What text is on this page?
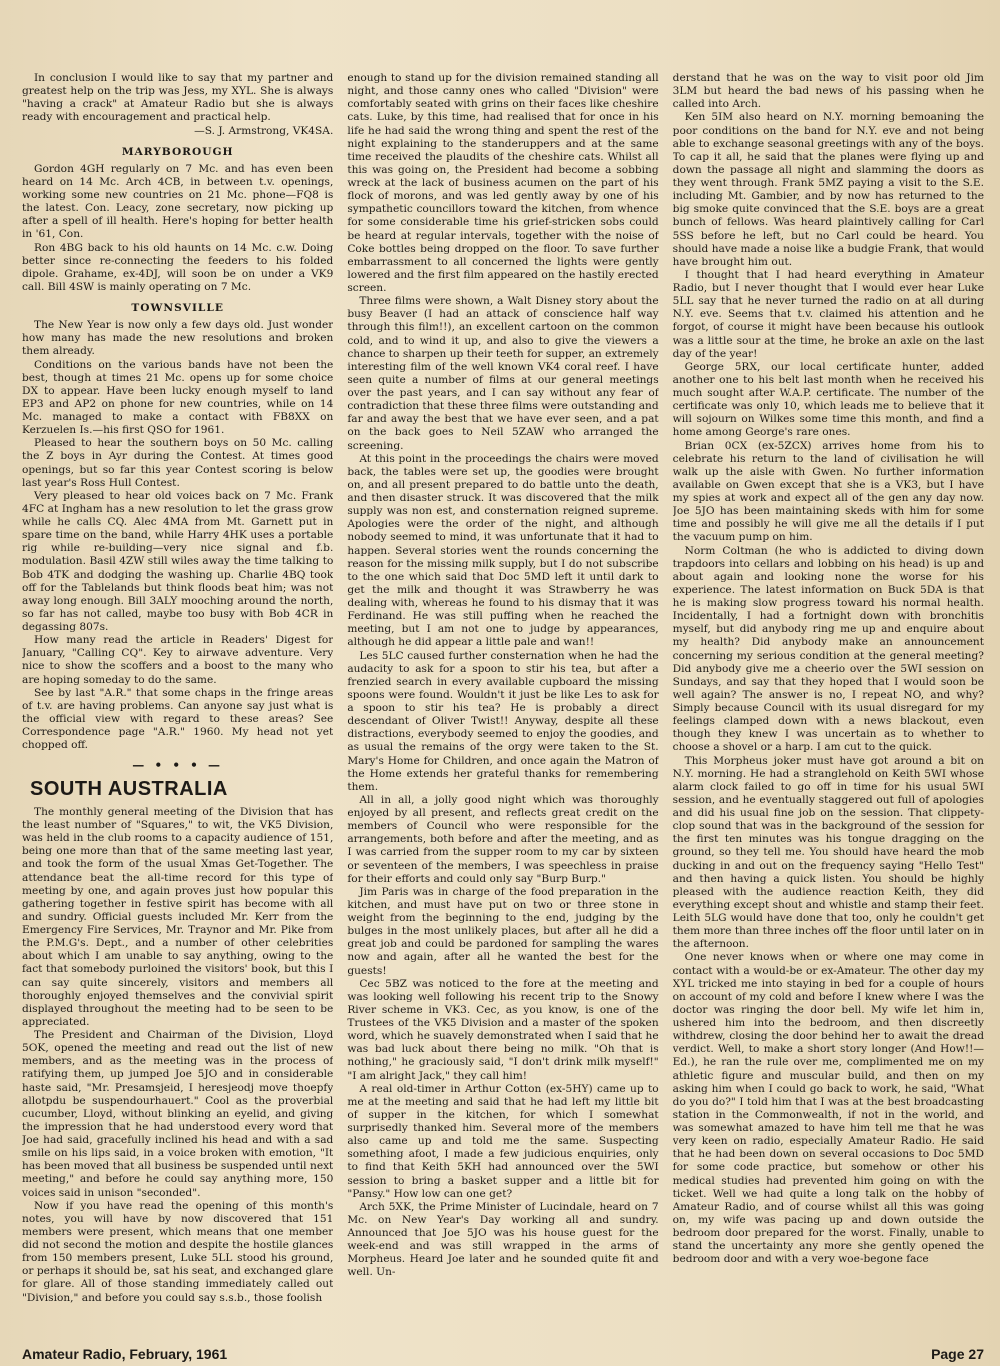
In conclusion I would like to say that my partner and greatest help on the trip was Jess, my XYL. She is always "having a crack" at Amateur Radio but she is always ready with encouragement and practical help.

—S. J. Armstrong, VK4SA.
MARYBOROUGH

Gordon 4GH regularly on 7 Mc. and has even been heard on 14 Mc. Arch 4CB, in between t.v. openings, working some new countries on 21 Mc. phone—FQ8 is the latest. Con. Leacy, zone secretary, now picking up after a spell of ill health. Here's hoping for better health in '61, Con.

Ron 4BG back to his old haunts on 14 Mc. c.w. Doing better since re-connecting the feeders to his folded dipole. Grahame, ex-4DJ, will soon be on under a VK9 call. Bill 4SW is mainly operating on 7 Mc.

TOWNSVILLE

The New Year is now only a few days old. Just wonder how many has made the new resolutions and broken them already.

Conditions on the various bands have not been the best, though at times 21 Mc. opens up for some choice DX to appear. Have been lucky enough myself to land EP3 and AP2 on phone for new countries, while on 14 Mc. managed to make a contact with FB8XX on Kerzuelen Is.—his first QSO for 1961.

Pleased to hear the southern boys on 50 Mc. calling the Z boys in Ayr during the Contest. At times good openings, but so far this year Contest scoring is below last year's Ross Hull Contest.

Very pleased to hear old voices back on 7 Mc. Frank 4FC at Ingham has a new resolution to let the grass grow while he calls CQ. Alec 4MA from Mt. Garnett put in spare time on the band, while Harry 4HK uses a portable rig while re-building—very nice signal and f.b. modulation. Basil 4ZW still wiles away the time talking to Bob 4TK and dodging the washing up. Charlie 4BQ took off for the Tablelands but think floods beat him; was not away long enough. Bill 3ALY mooching around the north, so far has not called, maybe too busy with Bob 4CR in degassing 807s.

How many read the article in Readers' Digest for January, "Calling CQ". Key to airwave adventure. Very nice to show the scoffers and a boost to the many who are hoping someday to do the same.

See by last "A.R." that some chaps in the fringe areas of t.v. are having problems. Can anyone say just what is the official view with regard to these areas? See Correspondence page "A.R." 1960. My head not yet chopped off.

— • • • —
SOUTH AUSTRALIA

The monthly general meeting of the Division that has the least number of "Squares," to wit, the VK5 Division, was held in the club rooms to a capacity audience of 151, being one more than that of the same meeting last year, and took the form of the usual Xmas Get-Together. The attendance beat the all-time record for this type of meeting by one, and again proves just how popular this gathering together in festive spirit has become with all and sundry. Official guests included Mr. Kerr from the Emergency Fire Services, Mr. Traynor and Mr. Pike from the P.M.G's. Dept., and a number of other celebrities about which I am unable to say anything, owing to the fact that somebody purloined the visitors' book, but this I can say quite sincerely, visitors and members all thoroughly enjoyed themselves and the convivial spirit displayed throughout the meeting had to be seen to be appreciated.

The President and Chairman of the Division, Lloyd 5OK, opened the meeting and read out the list of new members, and as the meeting was in the process of ratifying them, up jumped Joe 5JO and in considerable haste said, "Mr. Presamsjeid, I heresjeodj move thoepfy allotpdu be suspendourhauert." Cool as the proverbial cucumber, Lloyd, without blinking an eyelid, and giving the impression that he had understood every word that Joe had said, gracefully inclined his head and with a sad smile on his lips said, in a voice broken with emotion, "It has been moved that all business be suspended until next meeting," and before he could say anything more, 150 voices said in unison "seconded".

Now if you have read the opening of this month's notes, you will have by now discovered that 151 members were present, which means that one member did not second the motion and despite the hostile glances from 150 members present, Luke 5LL stood his ground, or perhaps it should be, sat his seat, and exchanged glare for glare. All of those standing immediately called out "Division," and before you could say s.s.b., those foolish

enough to stand up for the division remained standing all night, and those canny ones who called "Division" were comfortably seated with grins on their faces like cheshire cats. Luke, by this time, had realised that for once in his life he had said the wrong thing and spent the rest of the night explaining to the standeruppers and at the same time received the plaudits of the cheshire cats. Whilst all this was going on, the President had become a sobbing wreck at the lack of business acumen on the part of his flock of morons, and was led gently away by one of his sympathetic councillors toward the kitchen, from whence for some considerable time his grief-stricken sobs could be heard at regular intervals, together with the noise of Coke bottles being dropped on the floor. To save further embarrassment to all concerned the lights were gently lowered and the first film appeared on the hastily erected screen.

Three films were shown, a Walt Disney story about the busy Beaver (I had an attack of conscience half way through this film!!), an excellent cartoon on the common cold, and to wind it up, and also to give the viewers a chance to sharpen up their teeth for supper, an extremely interesting film of the well known VK4 coral reef. I have seen quite a number of films at our general meetings over the past years, and I can say without any fear of contradiction that these three films were outstanding and far and away the best that we have ever seen, and a pat on the back goes to Neil 5ZAW who arranged the screening.

At this point in the proceedings the chairs were moved back, the tables were set up, the goodies were brought on, and all present prepared to do battle unto the death, and then disaster struck. It was discovered that the milk supply was non est, and consternation reigned supreme. Apologies were the order of the night, and although nobody seemed to mind, it was unfortunate that it had to happen. Several stories went the rounds concerning the reason for the missing milk supply, but I do not subscribe to the one which said that Doc 5MD left it until dark to get the milk and thought it was Strawberry he was dealing with, whereas he found to his dismay that it was Ferdinand. He was still puffing when he reached the meeting, but I am not one to judge by appearances, although he did appear a little pale and wan!!

Les 5LC caused further consternation when he had the audacity to ask for a spoon to stir his tea, but after a frenzied search in every available cupboard the missing spoons were found. Wouldn't it just be like Les to ask for a spoon to stir his tea? He is probably a direct descendant of Oliver Twist!! Anyway, despite all these distractions, everybody seemed to enjoy the goodies, and as usual the remains of the orgy were taken to the St. Mary's Home for Children, and once again the Matron of the Home extends her grateful thanks for remembering them.

All in all, a jolly good night which was thoroughly enjoyed by all present, and reflects great credit on the members of Council who were responsible for the arrangements, both before and after the meeting, and as I was carried from the supper room to my car by sixteen or seventeen of the members, I was speechless in praise for their efforts and could only say "Burp Burp."

Jim Paris was in charge of the food preparation in the kitchen, and must have put on two or three stone in weight from the beginning to the end, judging by the bulges in the most unlikely places, but after all he did a great job and could be pardoned for sampling the wares now and again, after all he wanted the best for the guests!

Cec 5BZ was noticed to the fore at the meeting and was looking well following his recent trip to the Snowy River scheme in VK3. Cec, as you know, is one of the Trustees of the VK5 Division and a master of the spoken word, which he suavely demonstrated when I said that he was bad luck about there being no milk. "Oh that is nothing," he graciously said, "I don't drink milk myself!" "I am alright Jack," they call him!

A real old-timer in Arthur Cotton (ex-5HY) came up to me at the meeting and said that he had left my little bit of supper in the kitchen, for which I somewhat surprisedly thanked him. Several more of the members also came up and told me the same. Suspecting something afoot, I made a few judicious enquiries, only to find that Keith 5KH had announced over the 5WI session to bring a basket supper and a little bit for "Pansy." How low can one get?

Arch 5XK, the Prime Minister of Lucindale, heard on 7 Mc. on New Year's Day working all and sundry. Announced that Joe 5JO was his house guest for the week-end and was still wrapped in the arms of Morpheus. Heard Joe later and he sounded quite fit and well. Un-

derstand that he was on the way to visit poor old Jim 3LM but heard the bad news of his passing when he called into Arch.

Ken 5IM also heard on N.Y. morning bemoaning the poor conditions on the band for N.Y. eve and not being able to exchange seasonal greetings with any of the boys. To cap it all, he said that the planes were flying up and down the passage all night and slamming the doors as they went through. Frank 5MZ paying a visit to the S.E. including Mt. Gambier, and by now has returned to the big smoke quite convinced that the S.E. boys are a great bunch of fellows. Was heard plaintively calling for Carl 5SS before he left, but no Carl could be heard. You should have made a noise like a budgie Frank, that would have brought him out.

I thought that I had heard everything in Amateur Radio, but I never thought that I would ever hear Luke 5LL say that he never turned the radio on at all during N.Y. eve. Seems that t.v. claimed his attention and he forgot, of course it might have been because his outlook was a little sour at the time, he broke an axle on the last day of the year!

George 5RX, our local certificate hunter, added another one to his belt last month when he received his much sought after W.A.P. certificate. The number of the certificate was only 10, which leads me to believe that it will sojourn on Wilkes some time this month, and find a home among George's rare ones.

Brian 0CX (ex-5ZCX) arrives home from his to celebrate his return to the land of civilisation he will walk up the aisle with Gwen. No further information available on Gwen except that she is a VK3, but I have my spies at work and expect all of the gen any day now. Joe 5JO has been maintaining skeds with him for some time and possibly he will give me all the details if I put the vacuum pump on him.

Norm Coltman (he who is addicted to diving down trapdoors into cellars and lobbing on his head) is up and about again and looking none the worse for his experience. The latest information on Buck 5DA is that he is making slow progress toward his normal health. Incidentally, I had a fortnight down with bronchitis myself, but did anybody ring me up and enquire about my health? Did anybody make an announcement concerning my serious condition at the general meeting? Did anybody give me a cheerio over the 5WI session on Sundays, and say that they hoped that I would soon be well again? The answer is no, I repeat NO, and why? Simply because Council with its usual disregard for my feelings clamped down with a news blackout, even though they knew I was uncertain as to whether to choose a shovel or a harp. I am cut to the quick.

This Morpheus joker must have got around a bit on N.Y. morning. He had a stranglehold on Keith 5WI whose alarm clock failed to go off in time for his usual 5WI session, and he eventually staggered out full of apologies and did his usual fine job on the session. That clippety-clop sound that was in the background of the session for the first ten minutes was his tongue dragging on the ground, so they tell me. You should have heard the mob ducking in and out on the frequency saying "Hello Test" and then having a quick listen. You should be highly pleased with the audience reaction Keith, they did everything except shout and whistle and stamp their feet. Leith 5LG would have done that too, only he couldn't get them more than three inches off the floor until later on in the afternoon.

One never knows when or where one may come in contact with a would-be or ex-Amateur. The other day my XYL tricked me into staying in bed for a couple of hours on account of my cold and before I knew where I was the doctor was ringing the door bell. My wife let him in, ushered him into the bedroom, and then discreetly withdrew, closing the door behind her to await the dread verdict. Well, to make a short story longer (And How!!—Ed.), he ran the rule over me, complimented me on my athletic figure and muscular build, and then on my asking him when I could go back to work, he said, "What do you do?" I told him that I was at the best broadcasting station in the Commonwealth, if not in the world, and was somewhat amazed to have him tell me that he was very keen on radio, especially Amateur Radio. He said that he had been down on several occasions to Doc 5MD for some code practice, but somehow or other his medical studies had prevented him going on with the ticket. Well we had quite a long talk on the hobby of Amateur Radio, and of course whilst all this was going on, my wife was pacing up and down outside the bedroom door prepared for the worst. Finally, unable to stand the uncertainty any more she gently opened the bedroom door and with a very woe-begone face

Amateur Radio, February, 1961	Page 27
